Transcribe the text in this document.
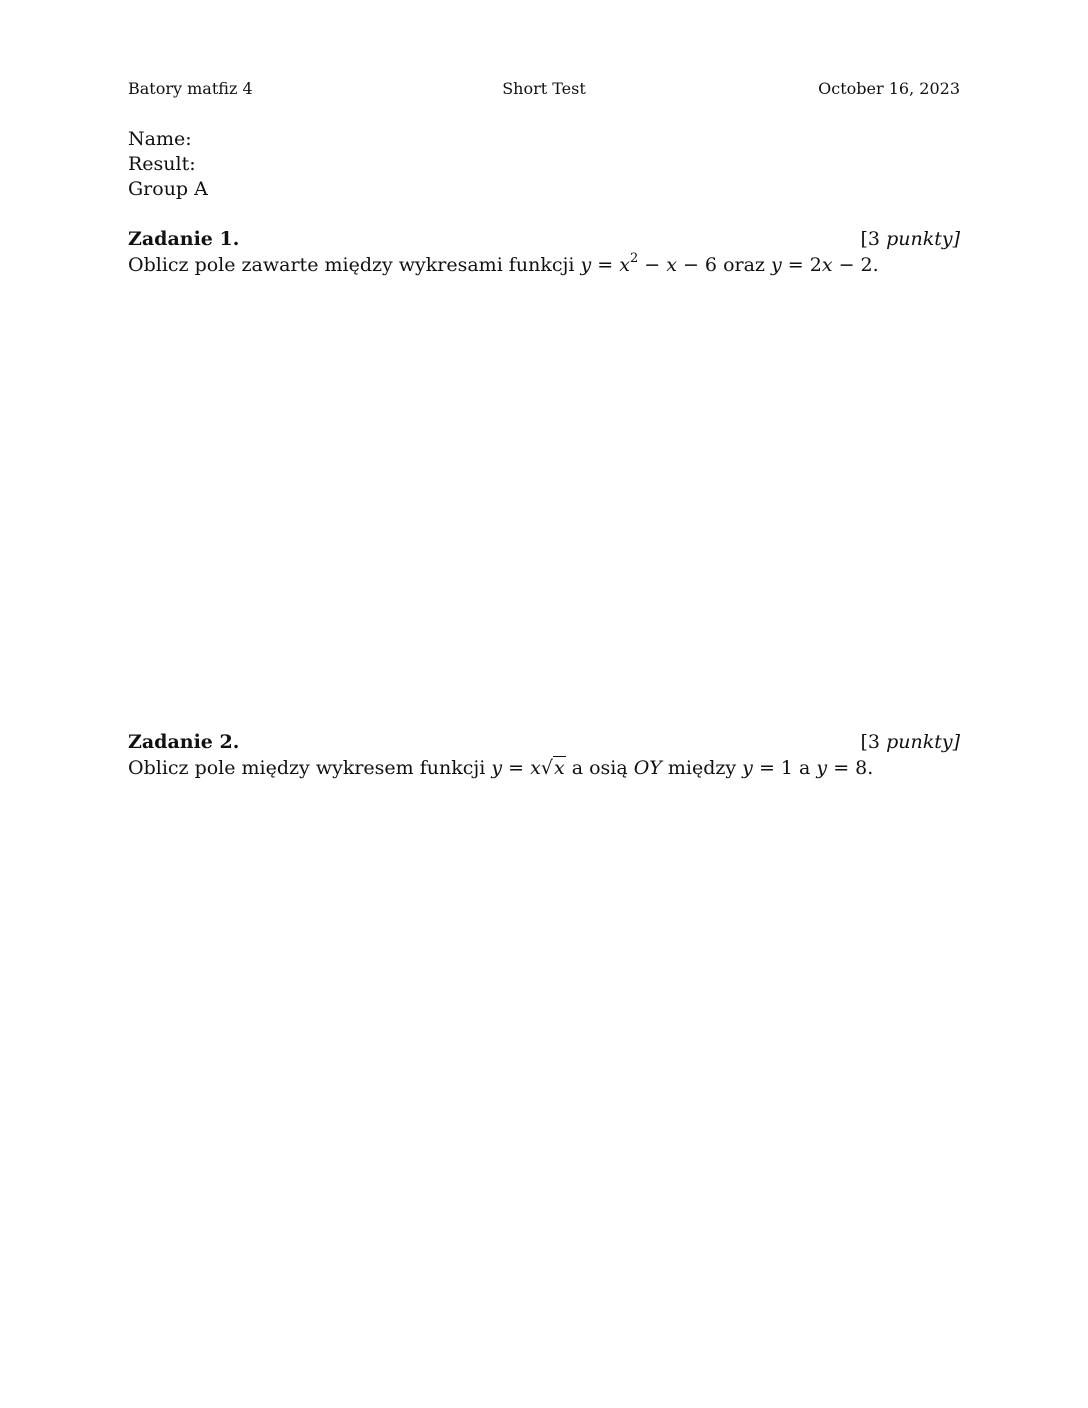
Batory matfiz 4	Short Test	October 16, 2023
Name:
Result:
Group A
Zadanie 1.	[3 punkty]
Oblicz pole zawarte między wykresami funkcji $y = x^2 - x - 6$ oraz y = 2x − 2.
Zadanie 2.	[3 punkty]
Oblicz pole między wykresem funkcji y = x√x a osią OY między y = 1 a y = 8.
